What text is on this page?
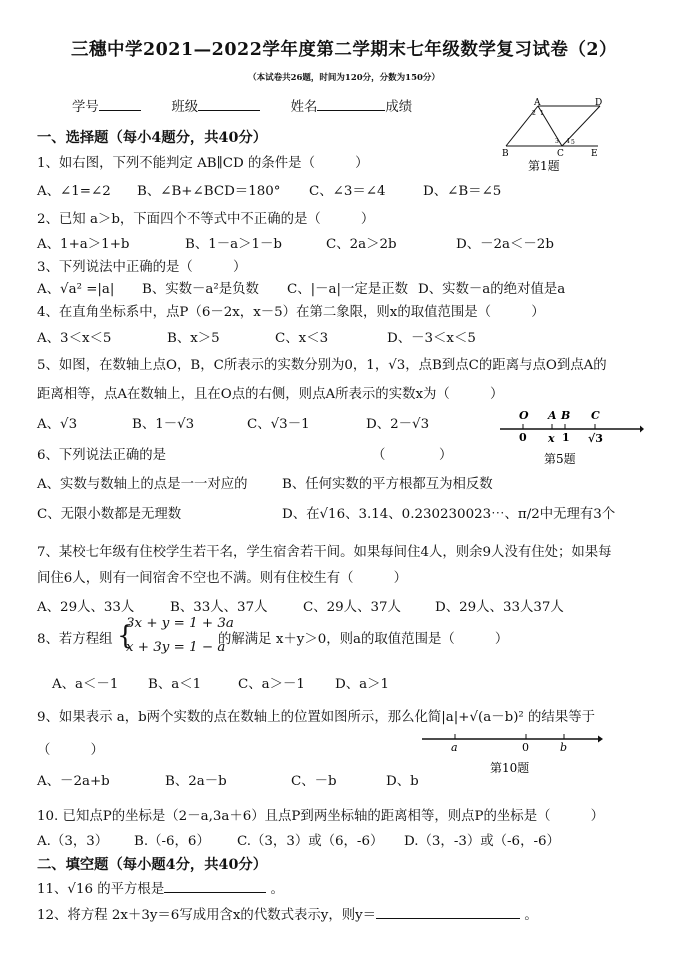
三穗中学2021—2022学年度第二学期末七年级数学复习试卷（2）
（本试卷共26题，时间为120分，分数为150分）
学号	班级	姓名	成绩	A	D
B	C	E
1
2
3 4 5
第1题
一、选择题（每小4题分，共40分）
1、如右图，下列不能判定 AB∥CD 的条件是（　　　）
A、∠1=∠2 B、∠B+∠BCD＝180° C、∠3＝∠4	D、∠B＝∠5
2、已知 a＞b，下面四个不等式中不正确的是（　　　）
A、1+a＞1+b	B、1－a＞1－b	C、2a＞2b	D、－2a＜－2b
3、下列说法中正确的是（　　　）
A、√a² =|a| B、实数－a²是负数 C、|－a|一定是正数 D、实数－a的绝对值是a
4、在直角坐标系中，点P（6－2x，x－5）在第二象限，则x的取值范围是（　　　）
A、3＜x＜5	B、x＞5	C、x＜3	D、－3＜x＜5
5、如图，在数轴上点O，B，C所表示的实数分别为0，1，√3，点B到点C的距离与点O到点A的
距离相等，点A在数轴上，且在O点的右侧，则点A所表示的实数x为（　　　）
A、√3	B、1－√3	C、√3－1	D、2－√3
O A B C
0 x 1 √3
第5题
6、下列说法正确的是	（　　　　）
A、实数与数轴上的点是一一对应的	B、任何实数的平方根都互为相反数
C、无限小数都是无理数	D、在√16、3.14、0.230230023⋯、π/2中无理有3个
7、某校七年级有住校学生若干名，学生宿舍若干间。如果每间住4人，则余9人没有住处；如果每
间住6人，则有一间宿舍不空也不满。则有住校生有（　　　）
A、29人、33人	B、33人、37人	C、29人、37人	D、29人、33人37人
8、若方程组 {
3x + y = 1 + 3a
x + 3y = 1 − a
的解满足 x＋y＞0，则a的取值范围是（　　　）
A、a＜－1 B、a＜1	C、a＞－1 D、a＞1
9、如果表示 a，b两个实数的点在数轴上的位置如图所示，那么化简|a|+√(a－b)² 的结果等于
（　　　）
A、－2a+b	B、2a－b	C、－b	D、b
a	0	b
第10题
10. 已知点P的坐标是（2－a,3a＋6）且点P到两坐标轴的距离相等，则点P的坐标是（　　　）
A.（3，3） B.（-6，6） C.（3，3）或（6，-6） D.（3，-3）或（-6，-6）
二、填空题（每小题4分，共40分）
11、√16 的平方根是	。
12、将方程 2x＋3y＝6写成用含x的代数式表示y，则y＝	。
